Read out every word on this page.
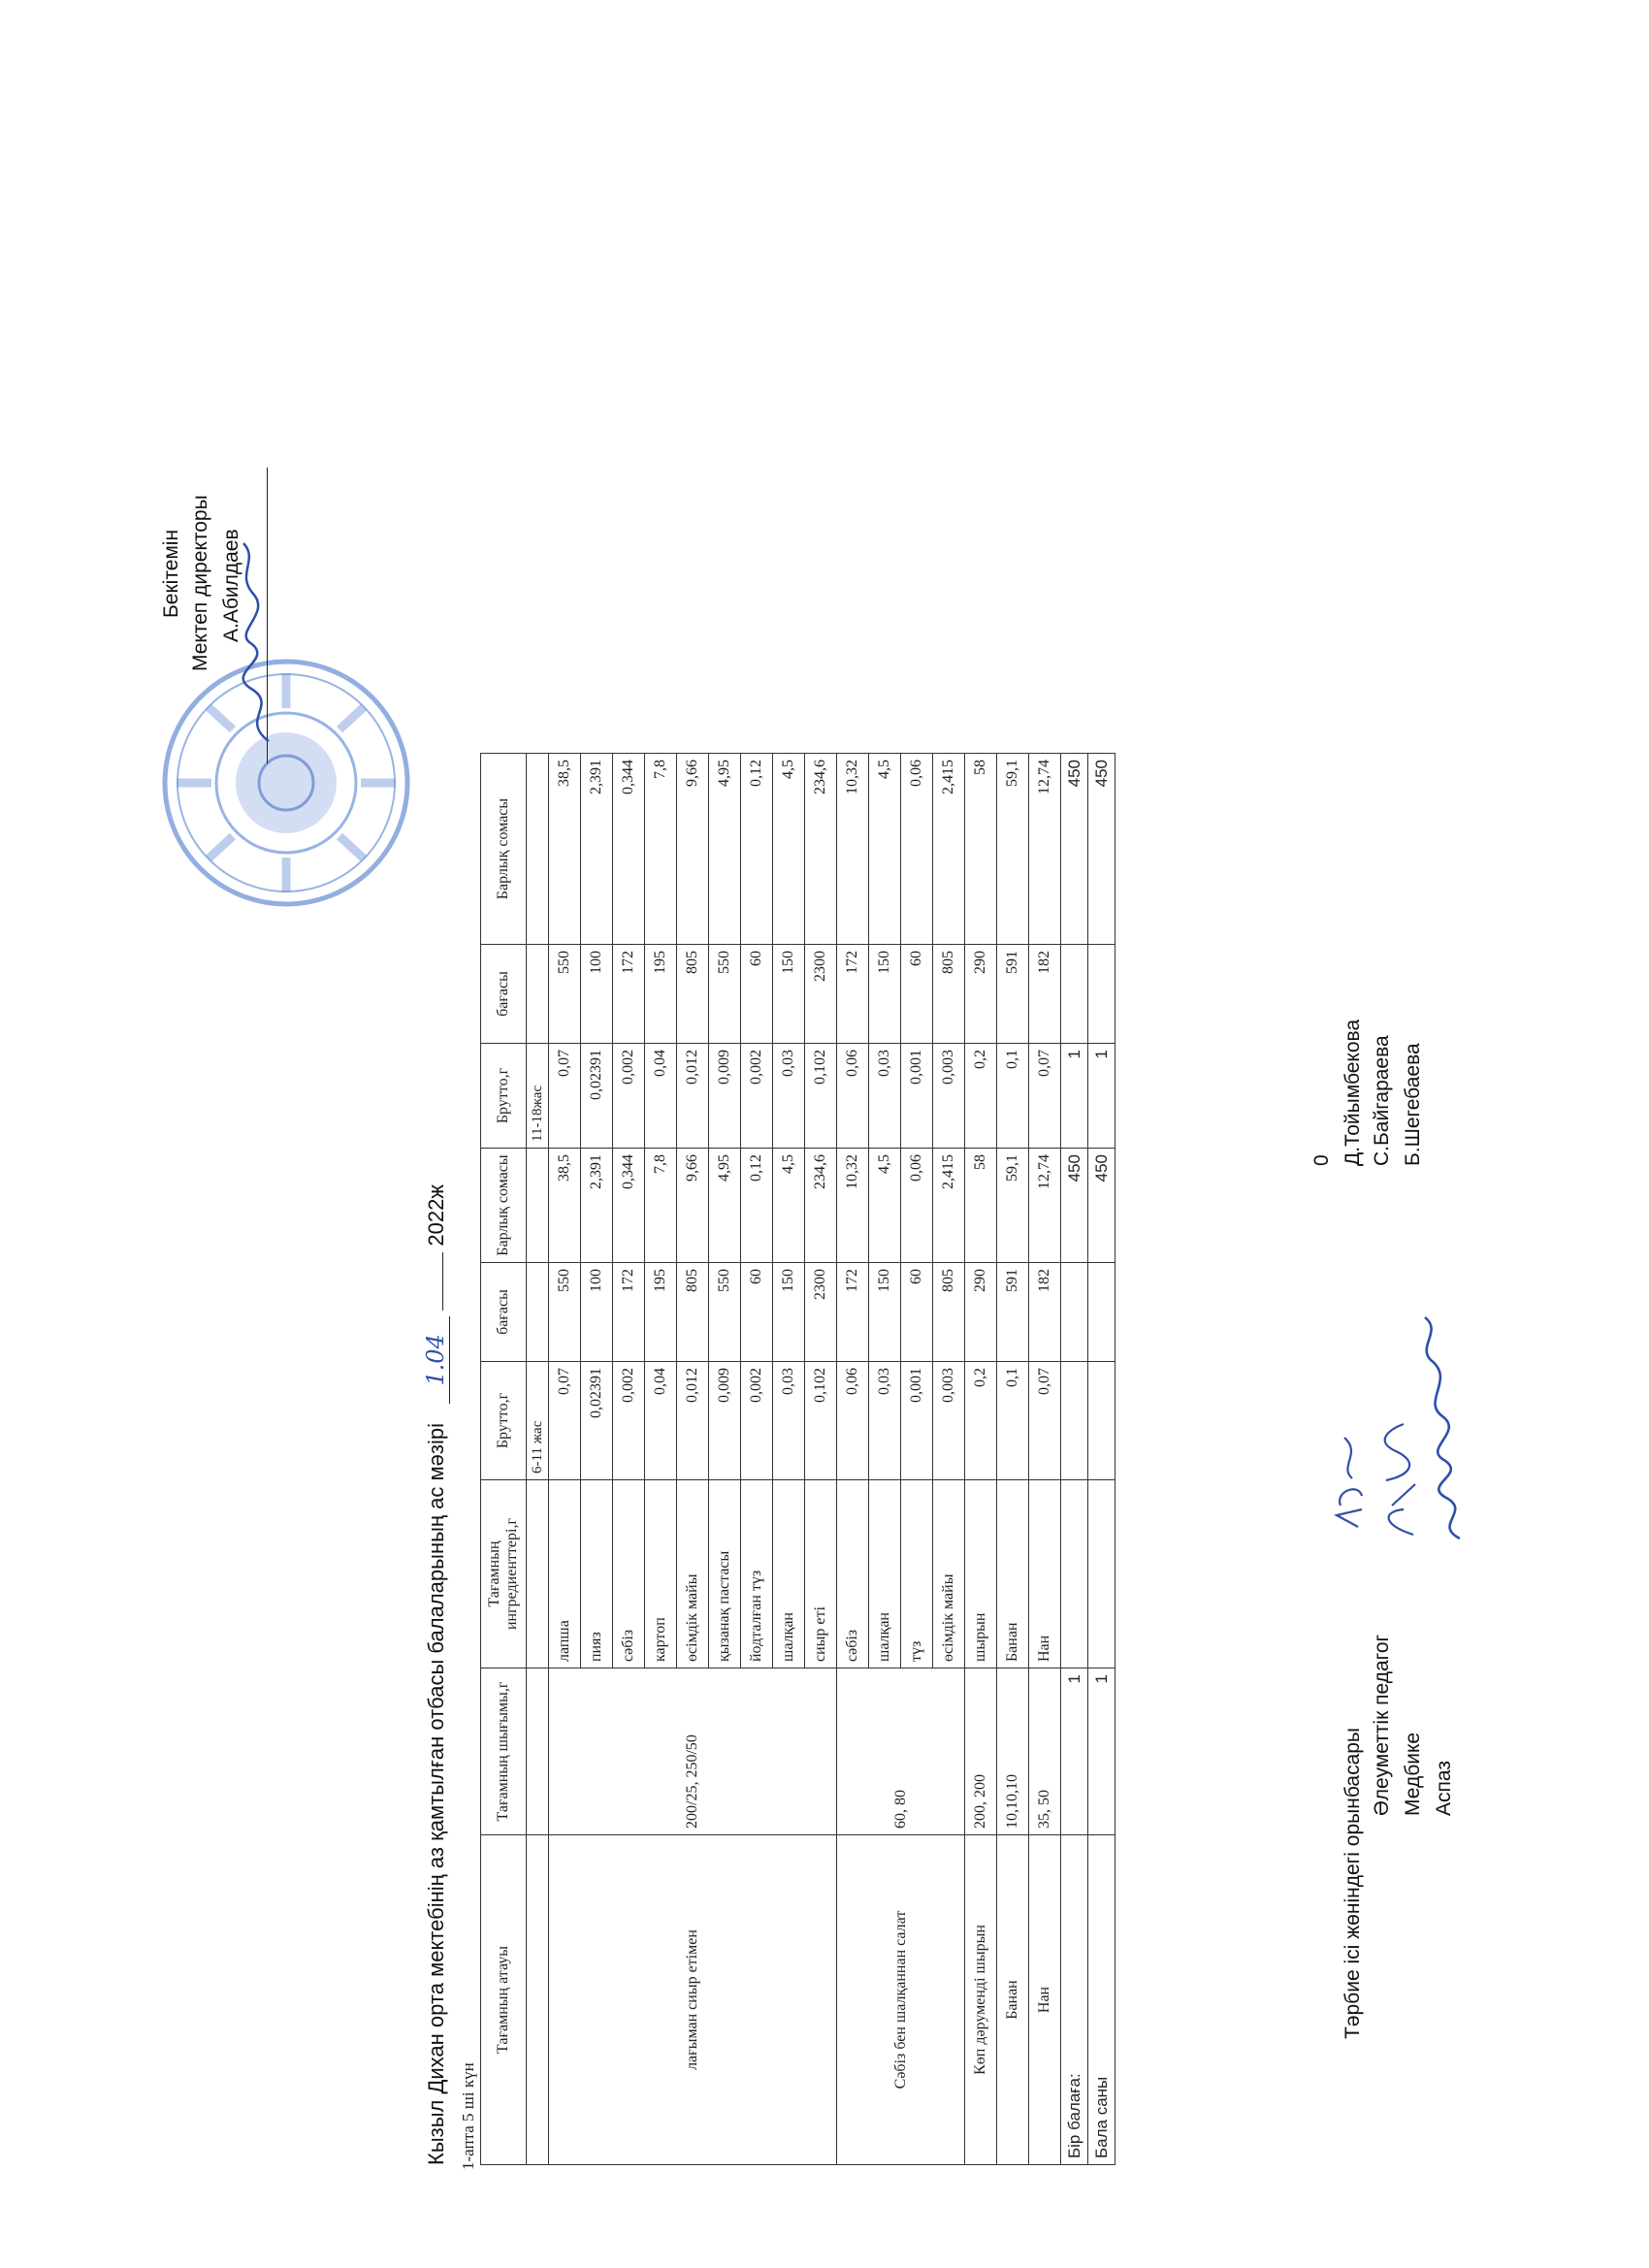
Кызыл Дихан орта мектебінің аз қамтылған отбасы балаларының ас мәзірі 1.04  2022ж
1-апта 5 ші күн
Бекітемін Мектеп директоры А.Абилдаев
Тағамның атауы	Тағамның шығымы,г	Тағамның ингредиенттері,г	Брутто,г	бағасы	Барлық сомасы	Брутто,г	бағасы	Барлық сомасы
			6-11 жас			11-18жас		
лағыман сиыр етімен	200/25, 250/50	лапша	0,07	550	38,5	0,07	550	38,5
		пияз	0,02391	100	2,391	0,02391	100	2,391
		сәбіз	0,002	172	0,344	0,002	172	0,344
		картоп	0,04	195	7,8	0,04	195	7,8
		өсімдік майы	0,012	805	9,66	0,012	805	9,66
		қызанақ пастасы	0,009	550	4,95	0,009	550	4,95
		йодталған түз	0,002	60	0,12	0,002	60	0,12
		шалқан	0,03	150	4,5	0,03	150	4,5
		сиыр еті	0,102	2300	234,6	0,102	2300	234,6
Сәбіз бен шалқаннан салат	60, 80	сәбіз	0,06	172	10,32	0,06	172	10,32
		шалқан	0,03	150	4,5	0,03	150	4,5
		түз	0,001	60	0,06	0,001	60	0,06
		өсімдік майы	0,003	805	2,415	0,003	805	2,415
Көп дәруменді шырын	200, 200	шырын	0,2	290	58	0,2	290	58
Банан	10,10,10	Банан	0,1	591	59,1	0,1	591	59,1
Нан	35, 50	Нан	0,07	182	12,74	0,07	182	12,74
Бір балаға:	1				450	1		450
Бала саны	1				450	1		450
0
Тәрбие ісі жөніндегі орынбасары
Әлеуметтік педагог Медбике Аспаз
Д.Тойымбекова С.Байгараева Б.Шегебаева
